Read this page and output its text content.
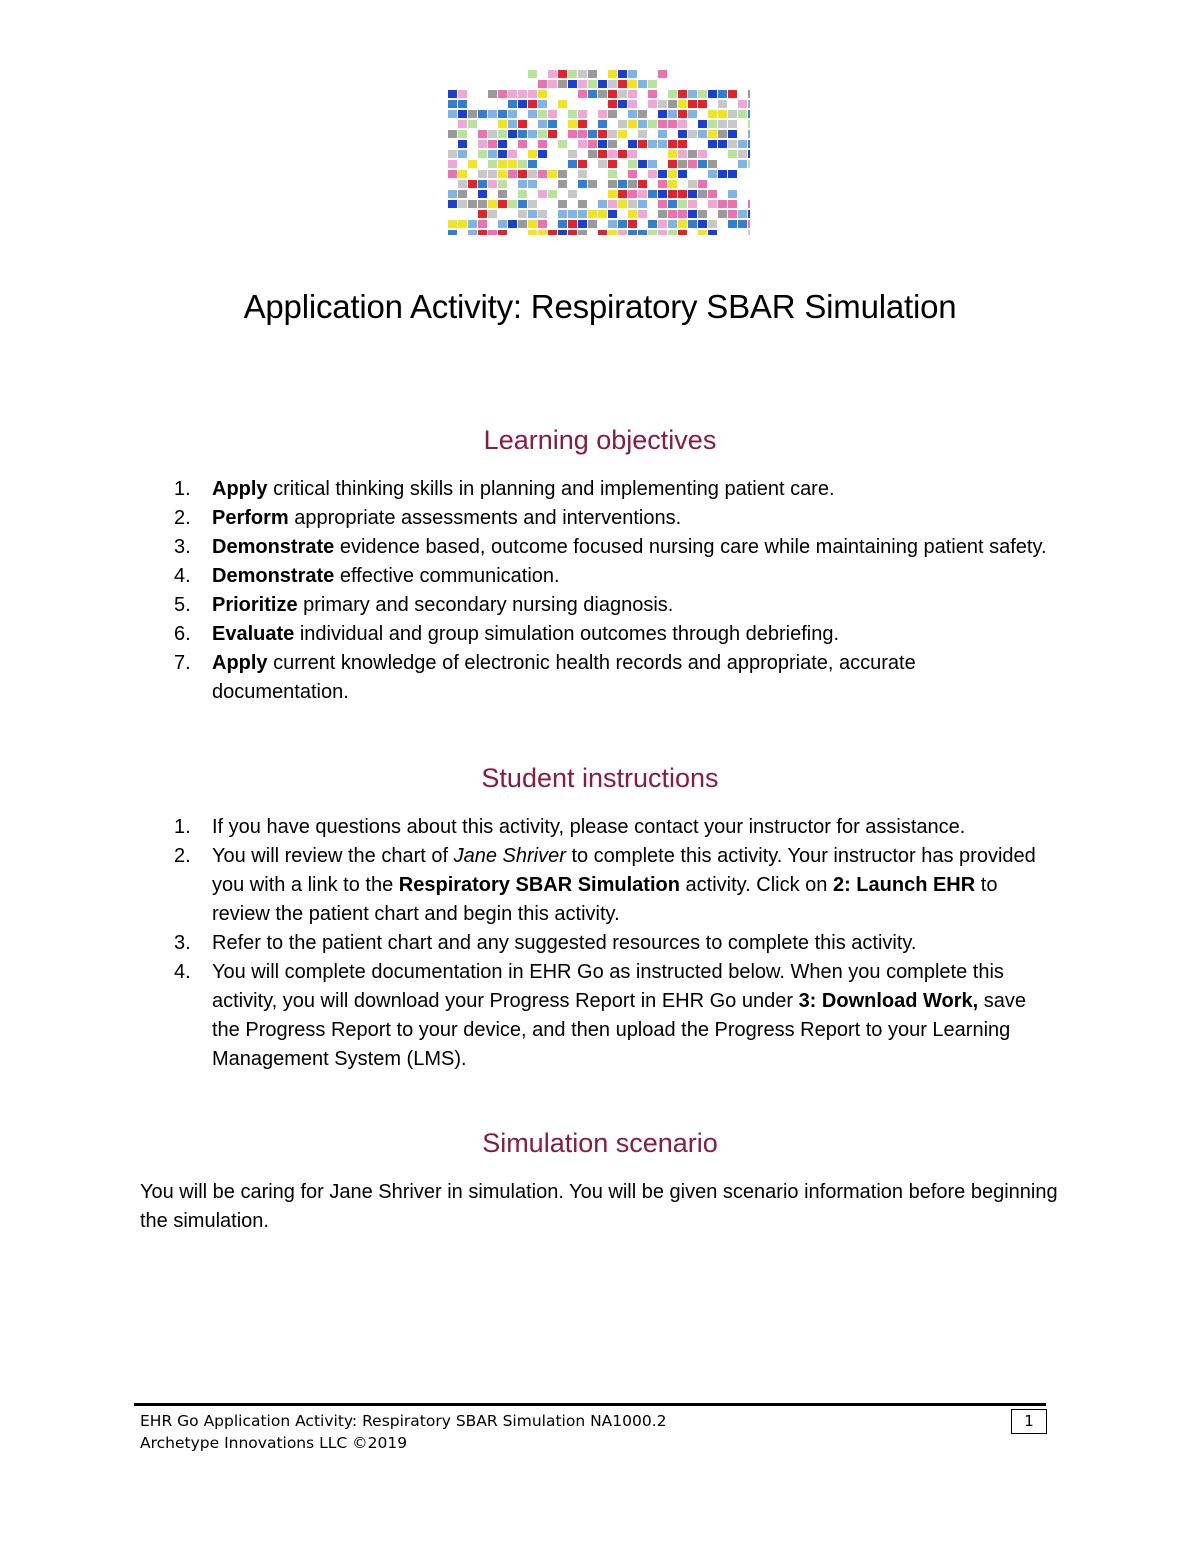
Application Activity: Respiratory SBAR Simulation
Learning objectives
1. Apply critical thinking skills in planning and implementing patient care.
2. Perform appropriate assessments and interventions.
3. Demonstrate evidence based, outcome focused nursing care while maintaining patient safety.
4. Demonstrate effective communication.
5. Prioritize primary and secondary nursing diagnosis.
6. Evaluate individual and group simulation outcomes through debriefing.
7. Apply current knowledge of electronic health records and appropriate, accurate documentation.
Student instructions
1. If you have questions about this activity, please contact your instructor for assistance.
2. You will review the chart of Jane Shriver to complete this activity. Your instructor has provided you with a link to the Respiratory SBAR Simulation activity. Click on 2: Launch EHR to review the patient chart and begin this activity.
3. Refer to the patient chart and any suggested resources to complete this activity.
4. You will complete documentation in EHR Go as instructed below. When you complete this activity, you will download your Progress Report in EHR Go under 3: Download Work, save the Progress Report to your device, and then upload the Progress Report to your Learning Management System (LMS).
Simulation scenario

You will be caring for Jane Shriver in simulation. You will be given scenario information before beginning the simulation.

EHR Go Application Activity: Respiratory SBAR Simulation NA1000.2
Archetype Innovations LLC ©2019
1
